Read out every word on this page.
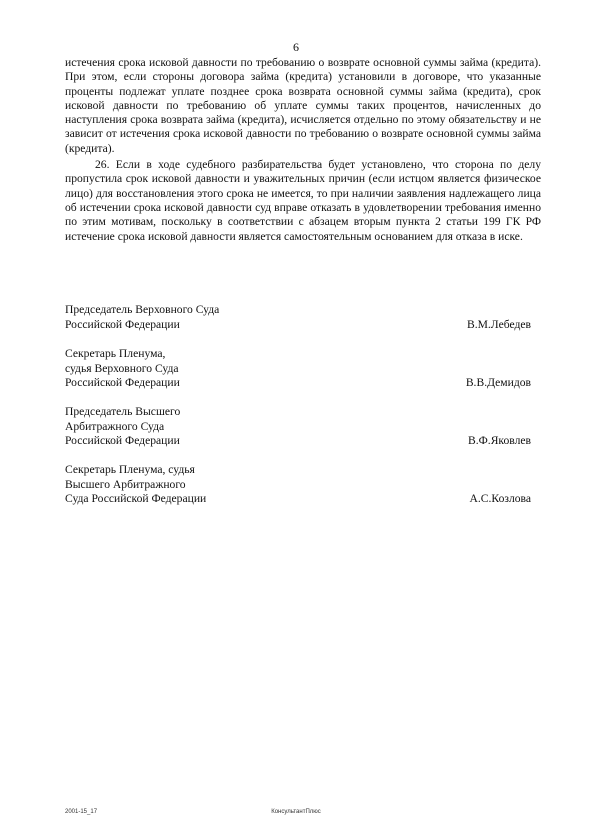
6

истечения срока исковой давности по требованию о возврате основной суммы займа (кредита). При этом, если стороны договора займа (кредита) установили в договоре, что указанные проценты подлежат уплате позднее срока возврата основной суммы займа (кредита), срок исковой давности по требованию об уплате суммы таких процентов, начисленных до наступления срока возврата займа (кредита), исчисляется отдельно по этому обязательству и не зависит от истечения срока исковой давности по требованию о возврате основной суммы займа (кредита).

26. Если в ходе судебного разбирательства будет установлено, что сторона по делу пропустила срок исковой давности и уважительных причин (если истцом является физическое лицо) для восстановления этого срока не имеется, то при наличии заявления надлежащего лица об истечении срока исковой давности суд вправе отказать в удовлетворении требования именно по этим мотивам, поскольку в соответствии с абзацем вторым пункта 2 статьи 199 ГК РФ истечение срока исковой давности является самостоятельным основанием для отказа в иске.

Председатель Верховного Суда
Российской Федерации	В.М.Лебедев
Секретарь Пленума,
судья Верховного Суда
Российской Федерации	В.В.Демидов
Председатель Высшего
Арбитражного Суда
Российской Федерации	В.Ф.Яковлев
Секретарь Пленума, судья
Высшего Арбитражного
Суда Российской Федерации	А.С.Козлова
2001-15_17	КонсультантПлюс
